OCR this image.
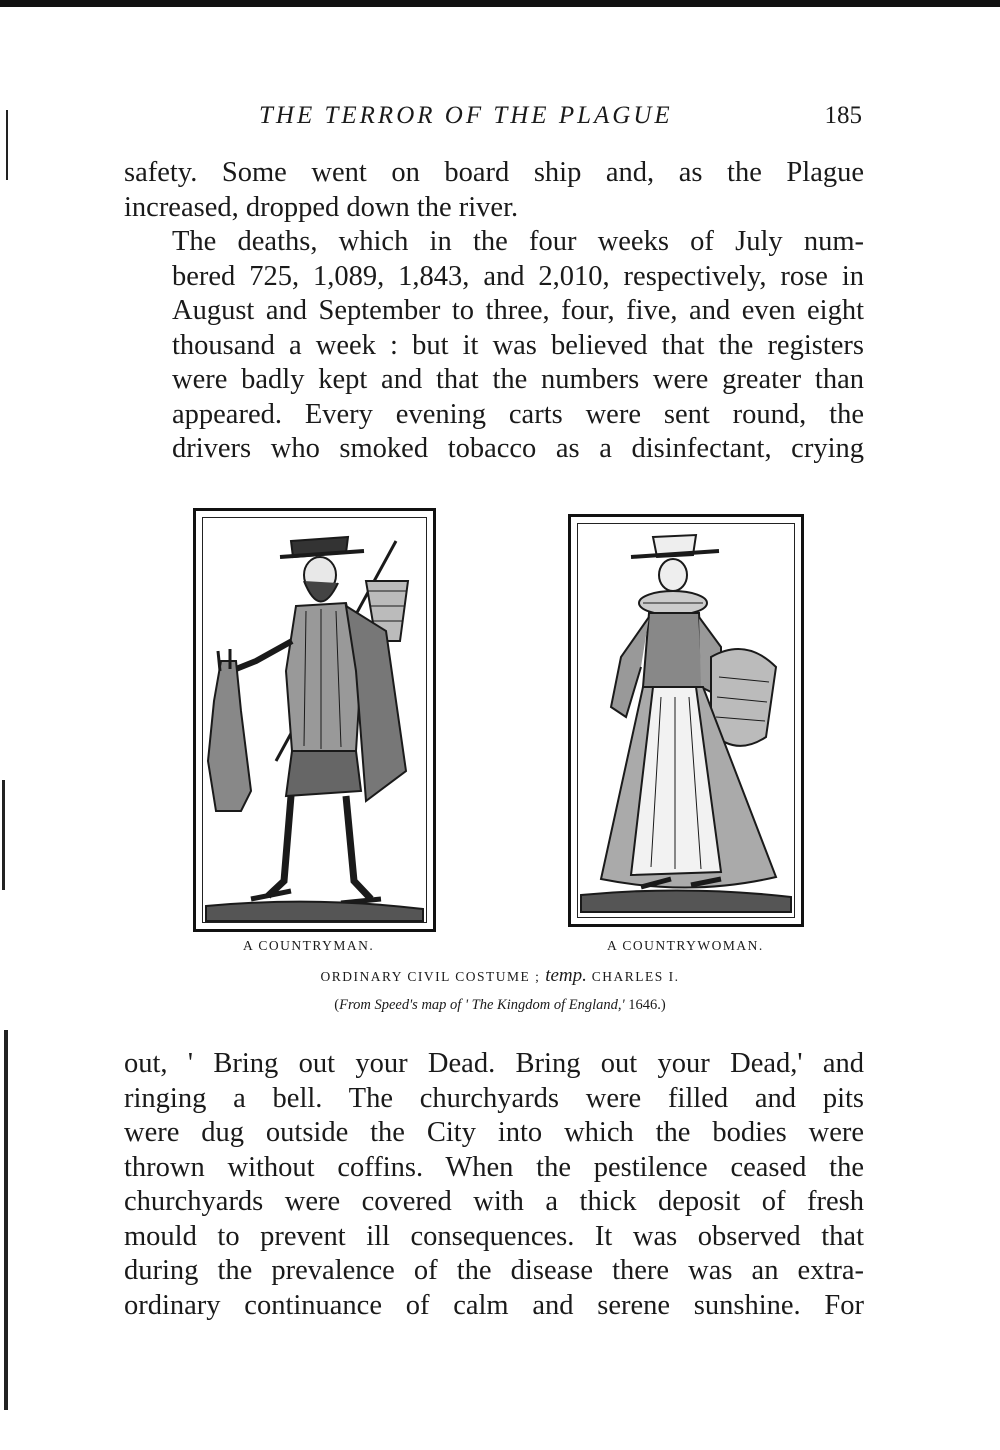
THE TERROR OF THE PLAGUE	185

safety. Some went on board ship and, as the Plague
increased, dropped down the river.

The deaths, which in the four weeks of July num-
bered 725, 1,089, 1,843, and 2,010, respectively, rose in
August and September to three, four, five, and even eight
thousand a week : but it was believed that the registers
were badly kept and that the numbers were greater than
appeared. Every evening carts were sent round, the
drivers who smoked tobacco as a disinfectant, crying

A COUNTRYMAN.	A COUNTRYWOMAN.
ORDINARY CIVIL COSTUME ; temp. CHARLES I.
(From Speed's map of ' The Kingdom of England,' 1646.)

out, ' Bring out your Dead. Bring out your Dead,' and
ringing a bell. The churchyards were filled and pits
were dug outside the City into which the bodies were
thrown without coffins. When the pestilence ceased the
churchyards were covered with a thick deposit of fresh
mould to prevent ill consequences. It was observed that
during the prevalence of the disease there was an extra-
ordinary continuance of calm and serene sunshine. For
